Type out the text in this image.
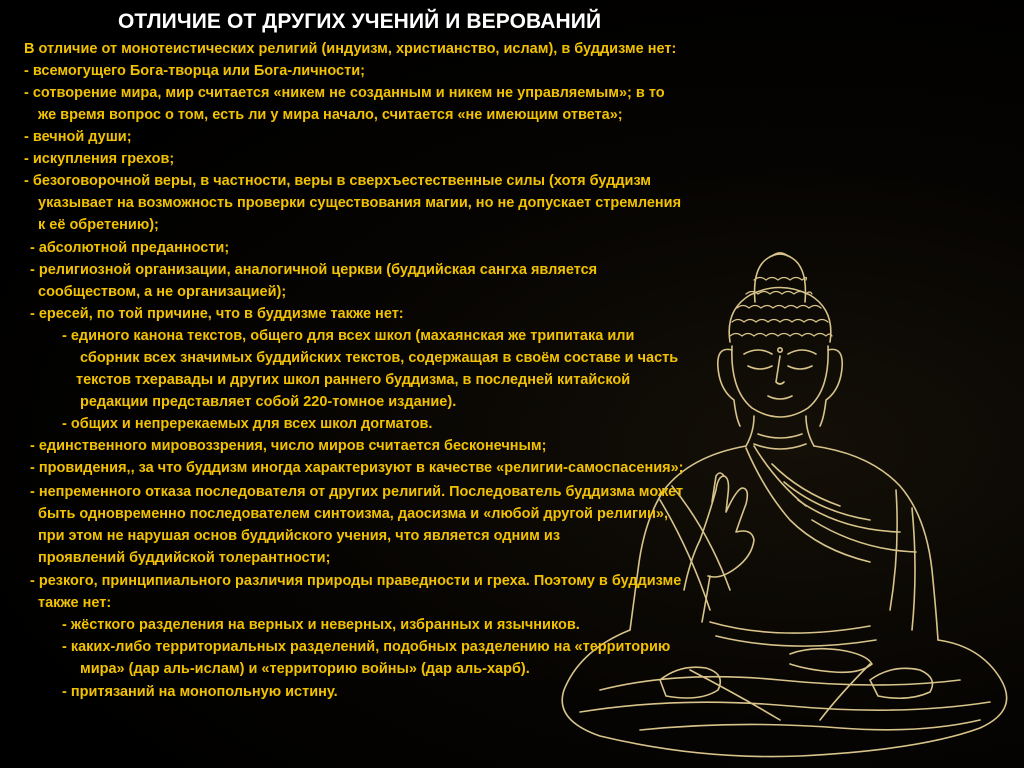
ОТЛИЧИЕ ОТ ДРУГИХ УЧЕНИЙ И ВЕРОВАНИЙ

В отличие от монотеистических религий (индуизм, христианство, ислам), в буддизме нет:

- всемогущего Бога-творца или Бога-личности;

- сотворение мира, мир считается «никем не созданным и никем не управляемым»; в то

же время вопрос о том, есть ли у мира начало, считается «не имеющим ответа»;

- вечной души;

- искупления грехов;

- безоговорочной веры, в частности, веры в сверхъестественные силы (хотя буддизм

указывает на возможность проверки существования магии, но не допускает стремления

к её обретению);

- абсолютной преданности;

- религиозной организации, аналогичной церкви (буддийская сангха является

сообществом, а не организацией);

- ересей, по той причине, что в буддизме также нет:

- единого канона текстов, общего для всех школ (махаянская же трипитака или

сборник всех значимых буддийских текстов, содержащая в своём составе и часть

текстов тхеравады и других школ раннего буддизма, в последней китайской

редакции представляет собой 220-томное издание).

- общих и непререкаемых для всех школ догматов.

- единственного мировоззрения, число миров считается бесконечным;

- провидения,, за что буддизм иногда характеризуют в качестве «религии-самоспасения»;

- непременного отказа последователя от других религий. Последователь буддизма может

быть одновременно последователем синтоизма, даосизма и «любой другой религии»,

при этом не нарушая основ буддийского учения, что является одним из

проявлений буддийской толерантности;

- резкого, принципиального различия природы праведности и греха. Поэтому в буддизме

также нет:

- жёсткого разделения на верных и неверных, избранных и язычников.

- каких-либо территориальных разделений, подобных разделению на «территорию

мира» (дар аль-ислам) и «территорию войны» (дар аль-харб).

- притязаний на монопольную истину.
